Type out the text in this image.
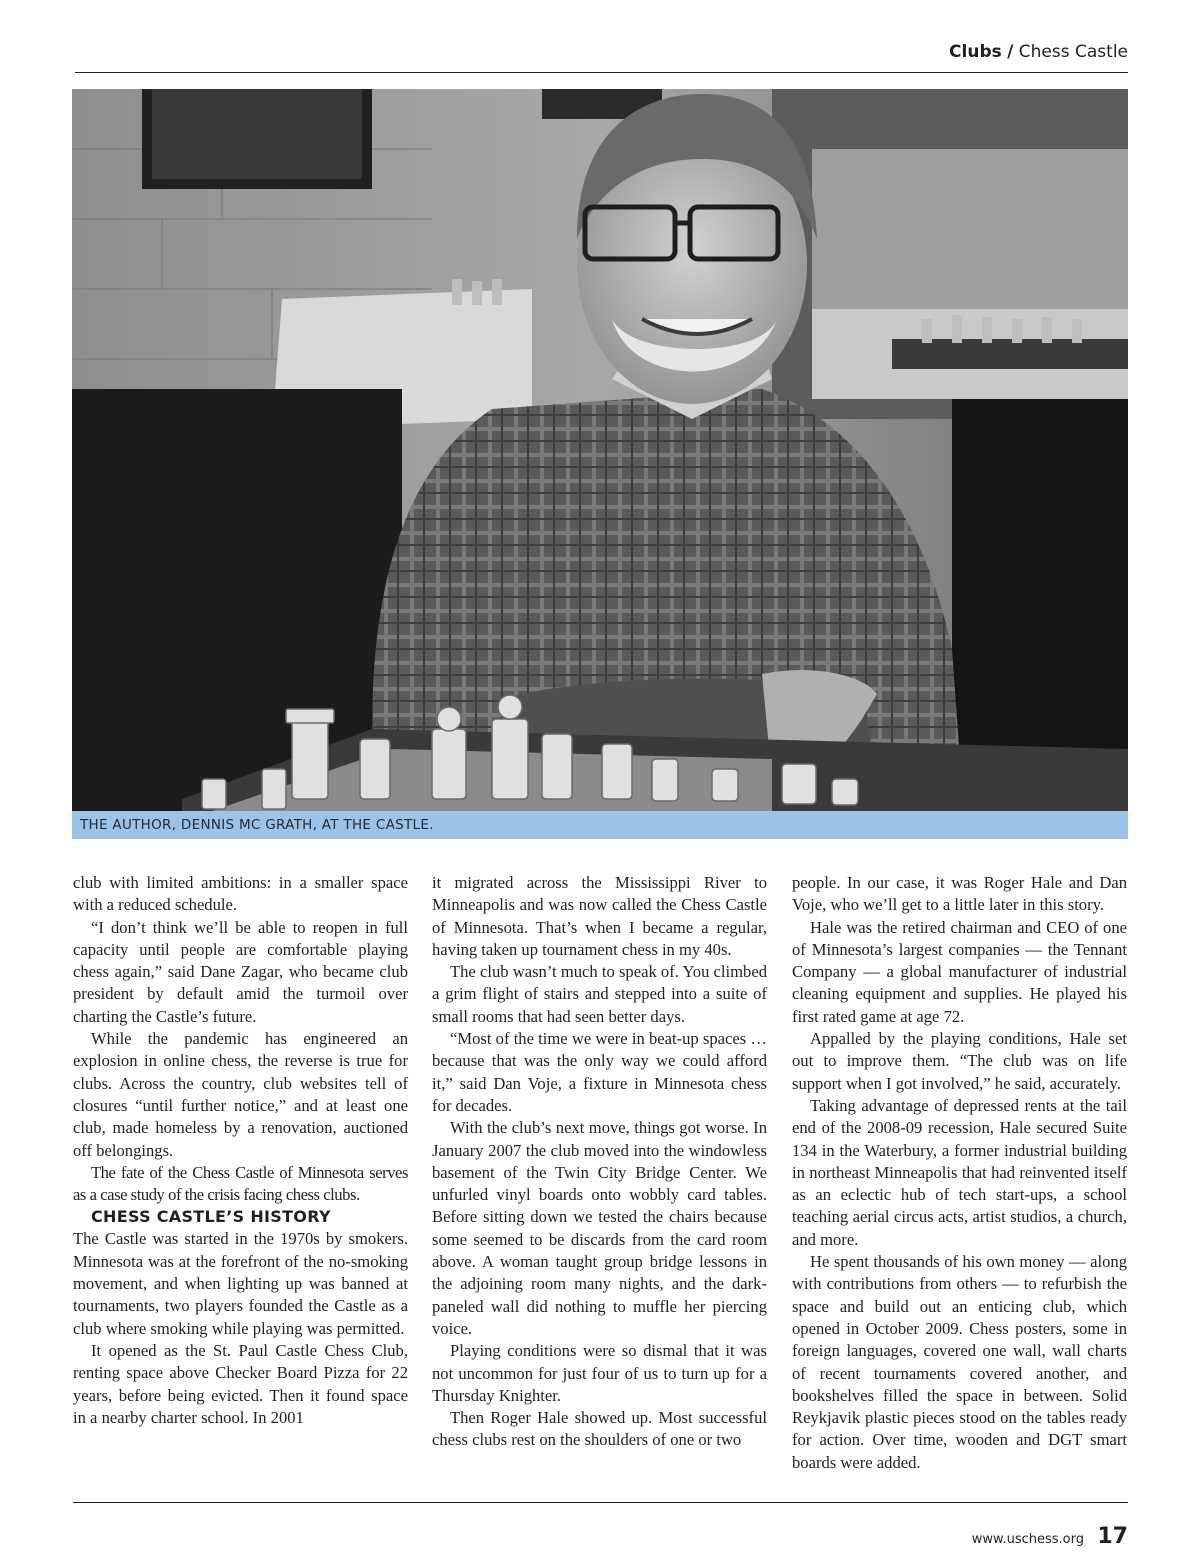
Clubs / Chess Castle
THE AUTHOR, DENNIS MC GRATH, AT THE CASTLE.

club with limited ambitions: in a smaller space with a reduced schedule.

“I don’t think we’ll be able to reopen in full capacity until people are comfortable playing chess again,” said Dane Zagar, who became club president by default amid the turmoil over charting the Castle’s future.

While the pandemic has engineered an explosion in online chess, the reverse is true for clubs. Across the country, club websites tell of closures “until further notice,” and at least one club, made homeless by a renovation, auctioned off belongings.

The fate of the Chess Castle of Minnesota serves as a case study of the crisis facing chess clubs.

CHESS CASTLE’S HISTORY

The Castle was started in the 1970s by smokers. Minnesota was at the forefront of the no-smoking movement, and when lighting up was banned at tournaments, two players founded the Castle as a club where smoking while playing was permitted.

It opened as the St. Paul Castle Chess Club, renting space above Checker Board Pizza for 22 years, before being evicted. Then it found space in a nearby charter school. In 2001

it migrated across the Mississippi River to Minneapolis and was now called the Chess Castle of Minnesota. That’s when I became a regular, having taken up tournament chess in my 40s.

The club wasn’t much to speak of. You climbed a grim flight of stairs and stepped into a suite of small rooms that had seen better days.

“Most of the time we were in beat-up spaces … because that was the only way we could afford it,” said Dan Voje, a fixture in Minnesota chess for decades.

With the club’s next move, things got worse. In January 2007 the club moved into the windowless basement of the Twin City Bridge Center. We unfurled vinyl boards onto wobbly card tables. Before sitting down we tested the chairs because some seemed to be discards from the card room above. A woman taught group bridge lessons in the adjoining room many nights, and the dark-paneled wall did nothing to muffle her piercing voice.

Playing conditions were so dismal that it was not uncommon for just four of us to turn up for a Thursday Knighter.

Then Roger Hale showed up. Most successful chess clubs rest on the shoulders of one or two

people. In our case, it was Roger Hale and Dan Voje, who we’ll get to a little later in this story.

Hale was the retired chairman and CEO of one of Minnesota’s largest companies — the Tennant Company — a global manufacturer of industrial cleaning equipment and supplies. He played his first rated game at age 72.

Appalled by the playing conditions, Hale set out to improve them. “The club was on life support when I got involved,” he said, accurately.

Taking advantage of depressed rents at the tail end of the 2008-09 recession, Hale secured Suite 134 in the Waterbury, a former industrial building in northeast Minneapolis that had reinvented itself as an eclectic hub of tech start-ups, a school teaching aerial circus acts, artist studios, a church, and more.

He spent thousands of his own money — along with contributions from others — to refurbish the space and build out an enticing club, which opened in October 2009. Chess posters, some in foreign languages, covered one wall, wall charts of recent tournaments covered another, and bookshelves filled the space in between. Solid Reykjavik plastic pieces stood on the tables ready for action. Over time, wooden and DGT smart boards were added.

www.uschess.org 17
